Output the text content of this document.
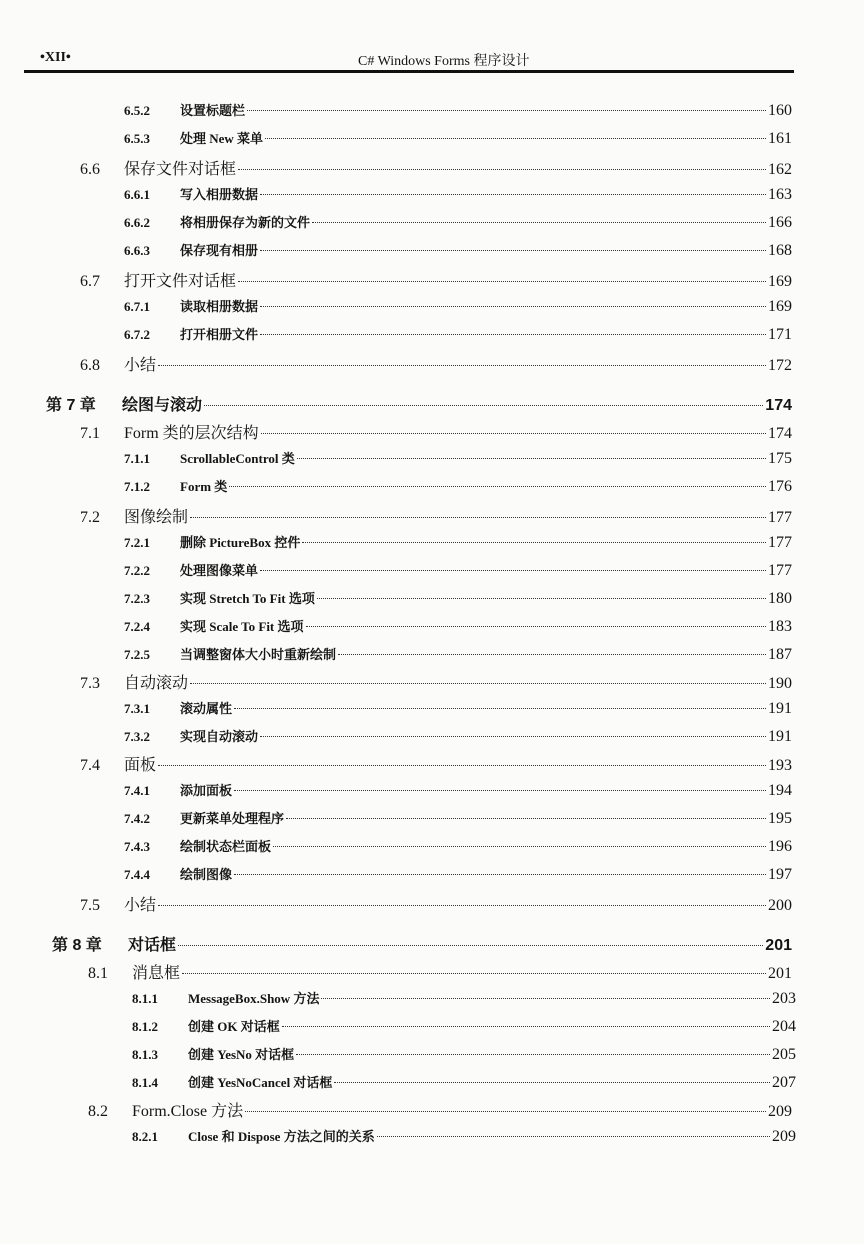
•XII•	C# Windows Forms 程序设计
6.5.2	设置标题栏	160
6.5.3	处理 New 菜单	161
6.6	保存文件对话框	162
6.6.1	写入相册数据	163
6.6.2	将相册保存为新的文件	166
6.6.3	保存现有相册	168
6.7	打开文件对话框	169
6.7.1	读取相册数据	169
6.7.2	打开相册文件	171
6.8	小结	172
第 7 章	绘图与滚动	174
7.1	Form 类的层次结构	174
7.1.1	ScrollableControl 类	175
7.1.2	Form 类	176
7.2	图像绘制	177
7.2.1	删除 PictureBox 控件	177
7.2.2	处理图像菜单	177
7.2.3	实现 Stretch To Fit 选项	180
7.2.4	实现 Scale To Fit 选项	183
7.2.5	当调整窗体大小时重新绘制	187
7.3	自动滚动	190
7.3.1	滚动属性	191
7.3.2	实现自动滚动	191
7.4	面板	193
7.4.1	添加面板	194
7.4.2	更新菜单处理程序	195
7.4.3	绘制状态栏面板	196
7.4.4	绘制图像	197
7.5	小结	200
第 8 章	对话框	201
8.1	消息框	201
8.1.1	MessageBox.Show 方法	203
8.1.2	创建 OK 对话框	204
8.1.3	创建 YesNo 对话框	205
8.1.4	创建 YesNoCancel 对话框	207
8.2	Form.Close 方法	209
8.2.1	Close 和 Dispose 方法之间的关系	209
